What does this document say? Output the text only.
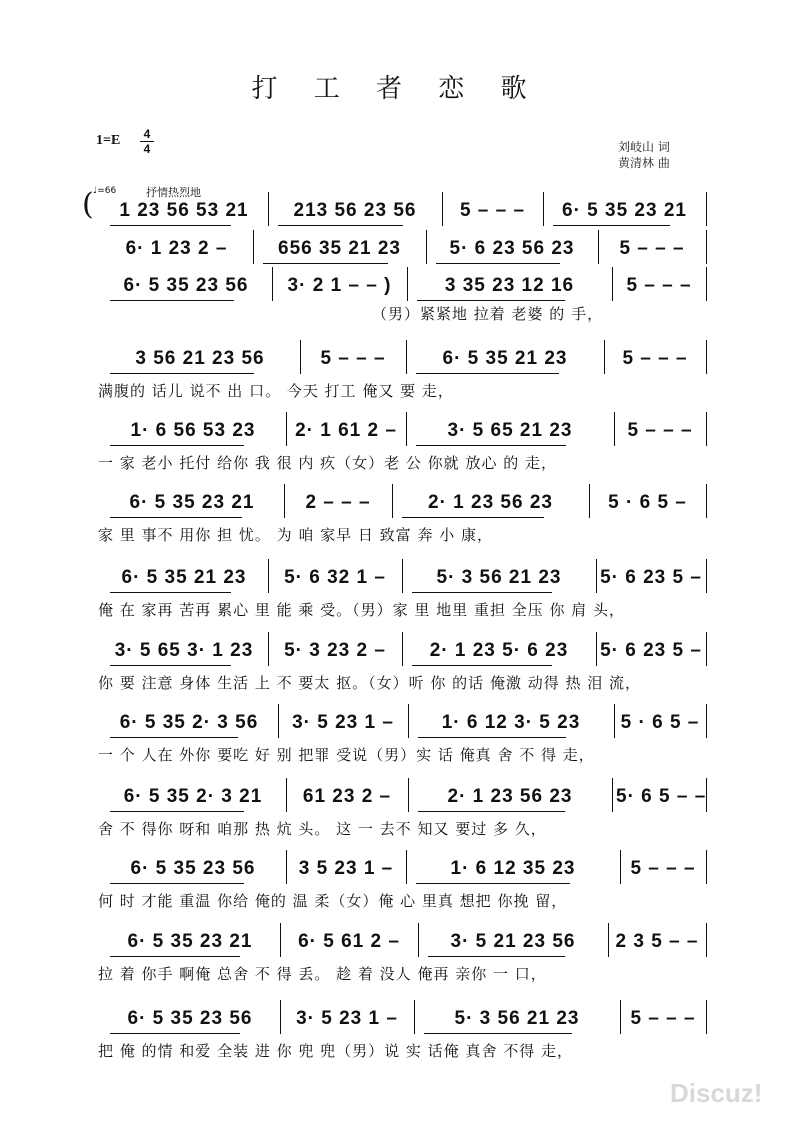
打 工 者 恋 歌
1=E	4
4	刘岐山 词
黄清林 曲
♩=66	抒情热烈地
(	1 23 56 53 21	213 56 23 56	5 – – –	6· 5 35 23 21
6· 1 23 2 –	656 35 21 23	5· 6 23 56 23	5 – – –
6· 5 35 23 56	3· 2 1 – – )	3 35 23 12 16	5 – – –
（男）紧紧地 拉着 老婆 的 手，
3 56 21 23 56	5 – – –	6· 5 35 21 23	5 – – –
满腹的 话儿 说不 出 口。 今天 打工 俺又 要 走，
1· 6 56 53 23	2· 1 61 2 –	3· 5 65 21 23	5 – – –
一 家 老小 托付 给你 我 很 内 疚（女）老 公 你就 放心 的 走，
6· 5 35 23 21	2 – – –	2· 1 23 56 23	5 · 6 5 –
家 里 事不 用你 担 忧。 为 咱 家早 日 致富 奔 小 康，
6· 5 35 21 23	5· 6 32 1 –	5· 3 56 21 23	5· 6 23 5 –
俺 在 家再 苦再 累心 里 能 乘 受。（男）家 里 地里 重担 全压 你 肩 头，
3· 5 65 3· 1 23	5· 3 23 2 –	2· 1 23 5· 6 23	5· 6 23 5 –
你 要 注意 身体 生活 上 不 要太 抠。（女）听 你 的话 俺激 动得 热 泪 流，
6· 5 35 2· 3 56	3· 5 23 1 –	1· 6 12 3· 5 23	5 · 6 5 –
一 个 人在 外你 要吃 好 别 把罪 受说（男）实 话 俺真 舍 不 得 走，
6· 5 35 2· 3 21	61 23 2 –	2· 1 23 56 23	5· 6 5 – –
舍 不 得你 呀和 咱那 热 炕 头。 这 一 去不 知又 要过 多 久，
6· 5 35 23 56	3 5 23 1 –	1· 6 12 35 23	5 – – –
何 时 才能 重温 你给 俺的 温 柔（女）俺 心 里真 想把 你挽 留，
6· 5 35 23 21	6· 5 61 2 –	3· 5 21 23 56	2 3 5 – –
拉 着 你手 啊俺 总舍 不 得 丢。 趁 着 没人 俺再 亲你 一 口，
6· 5 35 23 56	3· 5 23 1 –	5· 3 56 21 23	5 – – –
把 俺 的情 和爱 全装 进 你 兜 兜（男）说 实 话俺 真舍 不得 走，
Discuz!
